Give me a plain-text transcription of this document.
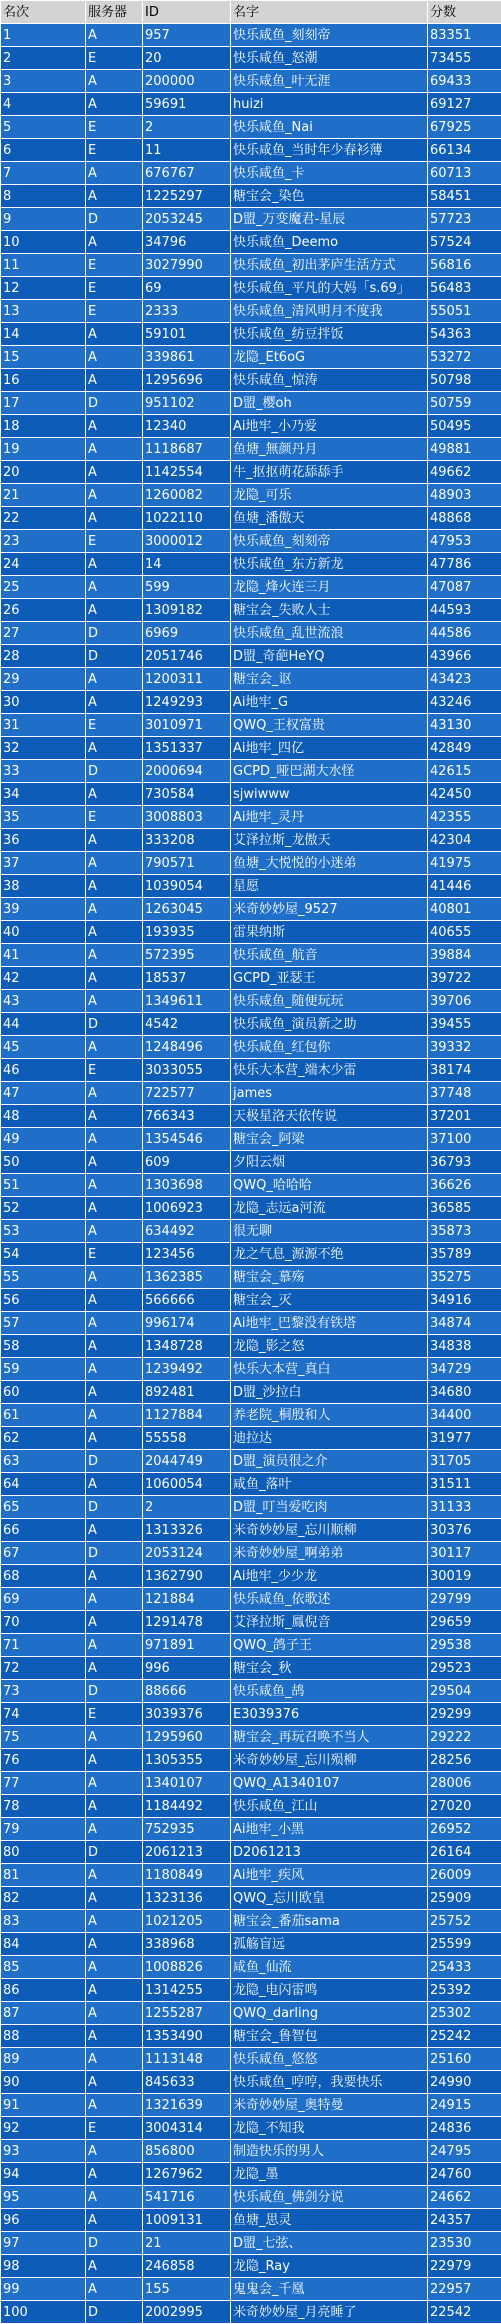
名次	服务器	ID	名字	分数
1	A	957	快乐咸鱼_刻刻帝	83351
2	E	20	快乐咸鱼_怒潮	73455
3	A	200000	快乐咸鱼_叶无涯	69433
4	A	59691	huizi	69127
5	E	2	快乐咸鱼_Nai	67925
6	E	11	快乐咸鱼_当时年少春衫薄	66134
7	A	676767	快乐咸鱼_卡	60713
8	A	1225297	糖宝会_染色	58451
9	D	2053245	D盟_万变魔君-星辰	57723
10	A	34796	快乐咸鱼_Deemo	57524
11	E	3027990	快乐咸鱼_初出茅庐生活方式	56816
12	E	69	快乐咸鱼_平凡的大妈「s.69」	56483
13	E	2333	快乐咸鱼_清风明月不度我	55051
14	A	59101	快乐咸鱼_纺豆拌饭	54363
15	A	339861	龙隐_Et6oG	53272
16	A	1295696	快乐咸鱼_惊涛	50798
17	D	951102	D盟_樱oh	50759
18	A	12340	Ai地牢_小乃爱	50495
19	A	1118687	鱼塘_無颜丹月	49881
20	A	1142554	牛_抠抠萌花舔舔手	49662
21	A	1260082	龙隐_可乐	48903
22	A	1022110	鱼塘_潘傲天	48868
23	E	3000012	快乐咸鱼_刻刻帝	47953
24	A	14	快乐咸鱼_东方新龙	47786
25	A	599	龙隐_烽火连三月	47087
26	A	1309182	糖宝会_失败人士	44593
27	D	6969	快乐咸鱼_乱世流浪	44586
28	D	2051746	D盟_奇葩HeYQ	43966
29	A	1200311	糖宝会_讴	43423
30	A	1249293	Ai地牢_G	43246
31	E	3010971	QWQ_王权富贵	43130
32	A	1351337	Ai地牢_四亿	42849
33	D	2000694	GCPD_哑巴湖大水怪	42615
34	A	730584	sjwiwww	42450
35	E	3008803	Ai地牢_灵丹	42355
36	A	333208	艾泽拉斯_龙傲天	42304
37	A	790571	鱼塘_大悦悦的小迷弟	41975
38	A	1039054	星愿	41446
39	A	1263045	米奇妙妙屋_9527	40801
40	A	193935	雷果纳斯	40655
41	A	572395	快乐咸鱼_航音	39884
42	A	18537	GCPD_亚瑟王	39722
43	A	1349611	快乐咸鱼_随便玩玩	39706
44	D	4542	快乐咸鱼_演员新之助	39455
45	A	1248496	快乐咸鱼_红包你	39332
46	E	3033055	快乐大本营_端木少雷	38174
47	A	722577	james	37748
48	A	766343	天极星洛天依传说	37201
49	A	1354546	糖宝会_阿梁	37100
50	A	609	夕阳云烟	36793
51	A	1303698	QWQ_哈哈哈	36626
52	A	1006923	龙隐_志远a河流	36585
53	A	634492	很无聊	35873
54	E	123456	龙之气息_源源不绝	35789
55	A	1362385	糖宝会_慕殇	35275
56	A	566666	糖宝会_灭	34916
57	A	996174	Ai地牢_巴黎没有铁塔	34874
58	A	1348728	龙隐_影之怒	34838
59	A	1239492	快乐大本营_真白	34729
60	A	892481	D盟_沙拉白	34680
61	A	1127884	养老院_桐殷和人	34400
62	A	55558	迪拉达	31977
63	D	2044749	D盟_演员很之介	31705
64	A	1060054	咸鱼_落叶	31511
65	D	2	D盟_叮当爱吃肉	31133
66	A	1313326	米奇妙妙屋_忘川顺柳	30376
67	D	2053124	米奇妙妙屋_啊弟弟	30117
68	A	1362790	Ai地牢_少少龙	30019
69	A	121884	快乐咸鱼_依歌述	29799
70	A	1291478	艾泽拉斯_鳳倪音	29659
71	A	971891	QWQ_鸽子王	29538
72	A	996	糖宝会_秋	29523
73	D	88666	快乐咸鱼_鸪	29504
74	E	3039376	E3039376	29299
75	A	1295960	糖宝会_再玩召唤不当人	29222
76	A	1305355	米奇妙妙屋_忘川殒柳	28256
77	A	1340107	QWQ_A1340107	28006
78	A	1184492	快乐咸鱼_江山	27020
79	A	752935	Ai地牢_小黑	26952
80	D	2061213	D2061213	26164
81	A	1180849	Ai地牢_疾风	26009
82	A	1323136	QWQ_忘川欧皇	25909
83	A	1021205	糖宝会_番茄sama	25752
84	A	338968	孤觞盲远	25599
85	A	1008826	咸鱼_仙流	25433
86	A	1314255	龙隐_电闪雷鸣	25392
87	A	1255287	QWQ_darling	25302
88	A	1353490	糖宝会_鲁智包	25242
89	A	1113148	快乐咸鱼_悠悠	25160
90	A	845633	快乐咸鱼_哼哼，我要快乐	24990
91	A	1321639	米奇妙妙屋_奥特曼	24915
92	E	3004314	龙隐_不知我	24836
93	A	856800	制造快乐的男人	24795
94	A	1267962	龙隐_墨	24760
95	A	541716	快乐咸鱼_佛剑分说	24662
96	A	1009131	鱼塘_思灵	24357
97	D	21	D盟_七弦、	23530
98	A	246858	龙隐_Ray	22979
99	A	155	鬼鬼会_千凰	22957
100	D	2002995	米奇妙妙屋_月亮睡了	22542
